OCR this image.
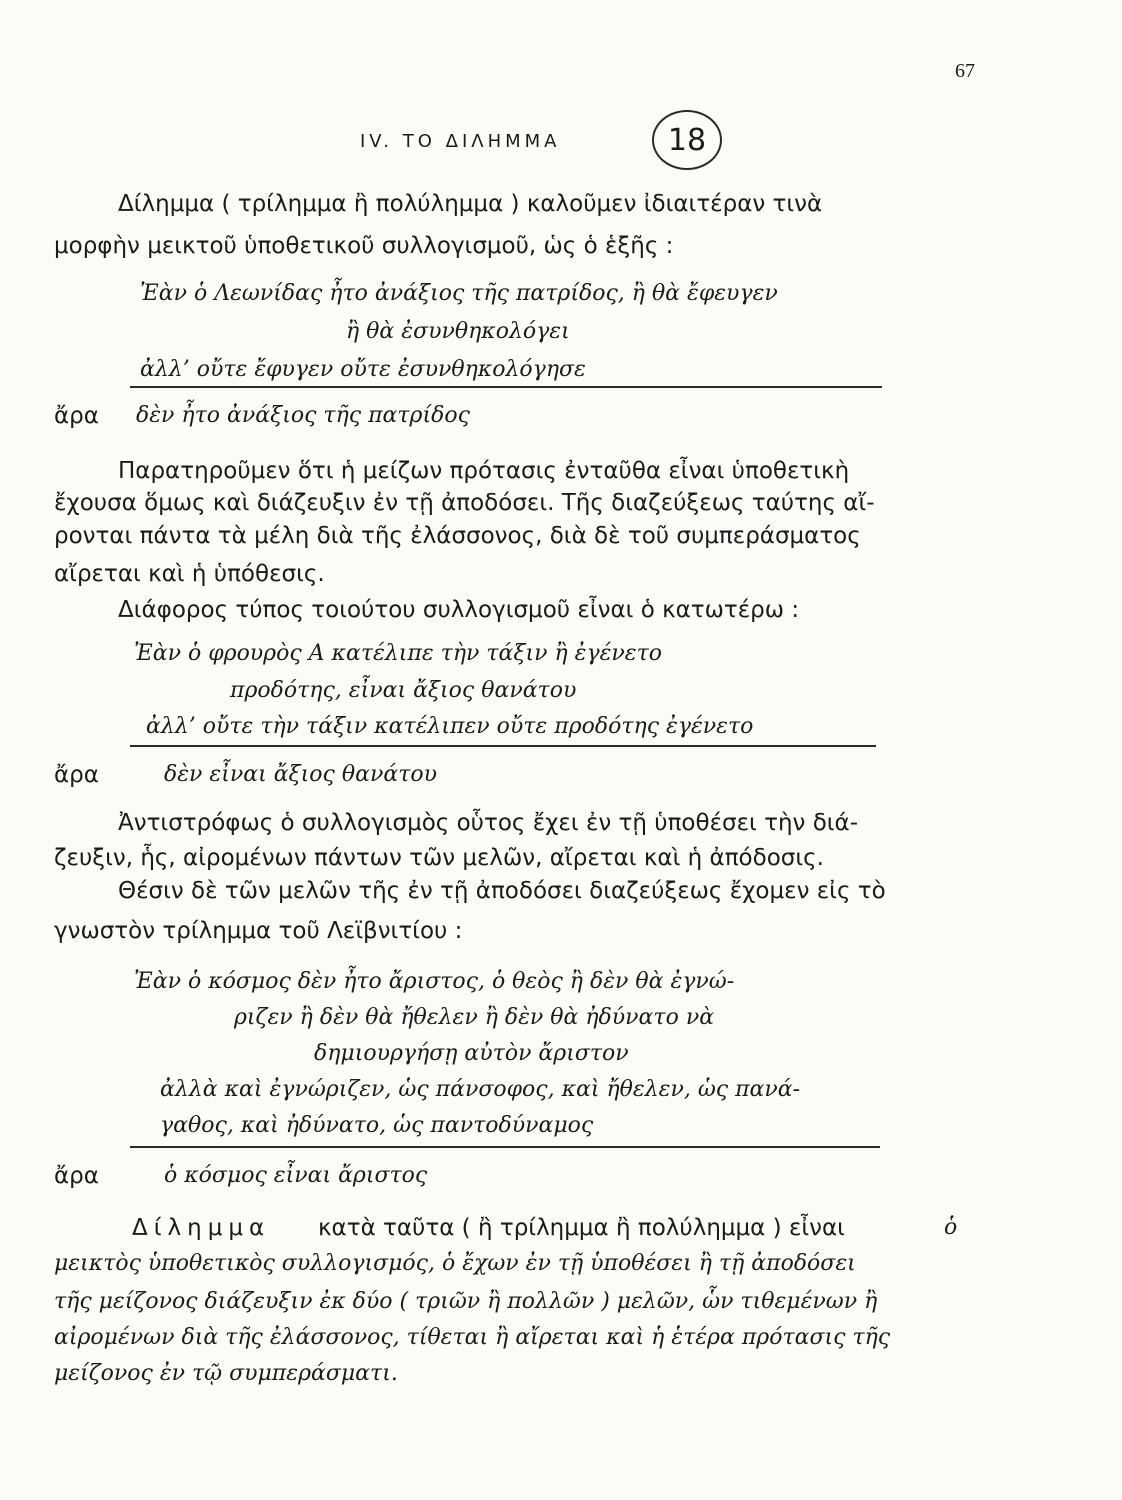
67
IV. ΤΟ ΔΙΛΗΜΜΑ	18
Δίλημμα ( τρίλημμα ἢ πολύλημμα ) καλοῦμεν ἰδιαιτέραν τινὰ
μορφὴν μεικτοῦ ὑποθετικοῦ συλλογισμοῦ, ὡς ὁ ἑξῆς :
Ἐὰν ὁ Λεωνίδας ἦτο ἀνάξιος τῆς πατρίδος, ἢ θὰ ἔφευγεν
ἢ θὰ ἐσυνθηκολόγει
ἀλλ’ οὔτε ἔφυγεν οὔτε ἐσυνθηκολόγησε
ἄρα δὲν ἦτο ἀνάξιος τῆς πατρίδος
Παρατηροῦμεν ὅτι ἡ μείζων πρότασις ἐνταῦθα εἶναι ὑποθετικὴ
ἔχουσα ὅμως καὶ διάζευξιν ἐν τῇ ἀποδόσει. Τῆς διαζεύξεως ταύτης αἴ-
ρονται πάντα τὰ μέλη διὰ τῆς ἐλάσσονος, διὰ δὲ τοῦ συμπεράσματος
αἴρεται καὶ ἡ ὑπόθεσις.
Διάφορος τύπος τοιούτου συλλογισμοῦ εἶναι ὁ κατωτέρω :
Ἐὰν ὁ φρουρὸς Α κατέλιπε τὴν τάξιν ἢ ἐγένετο
προδότης, εἶναι ἄξιος θανάτου
ἀλλ’ οὔτε τὴν τάξιν κατέλιπεν οὔτε προδότης ἐγένετο
ἄρα	δὲν εἶναι ἄξιος θανάτου
Ἀντιστρόφως ὁ συλλογισμὸς οὗτος ἔχει ἐν τῇ ὑποθέσει τὴν διά-
ζευξιν, ἧς, αἰρομένων πάντων τῶν μελῶν, αἴρεται καὶ ἡ ἀπόδοσις.
Θέσιν δὲ τῶν μελῶν τῆς ἐν τῇ ἀποδόσει διαζεύξεως ἔχομεν εἰς τὸ
γνωστὸν τρίλημμα τοῦ Λεϊβνιτίου :
Ἐὰν ὁ κόσμος δὲν ἦτο ἄριστος, ὁ θεὸς ἢ δὲν θὰ ἐγνώ-
ριζεν ἢ δὲν θὰ ἤθελεν ἢ δὲν θὰ ἠδύνατο νὰ
δημιουργήσῃ αὐτὸν ἄριστον
ἀλλὰ καὶ ἐγνώριζεν, ὡς πάνσοφος, καὶ ἤθελεν, ὡς πανά-
γαθος, καὶ ἠδύνατο, ὡς παντοδύναμος
ἄρα	ὁ κόσμος εἶναι ἄριστος
Δίλημμα κατὰ ταῦτα ( ἢ τρίλημμα ἢ πολύλημμα ) εἶναι	ὁ
μεικτὸς ὑποθετικὸς συλλογισμός, ὁ ἔχων ἐν τῇ ὑποθέσει ἢ τῇ ἀποδόσει
τῆς μείζονος διάζευξιν ἐκ δύο ( τριῶν ἢ πολλῶν ) μελῶν, ὧν τιθεμένων ἢ
αἰρομένων διὰ τῆς ἐλάσσονος, τίθεται ἢ αἴρεται καὶ ἡ ἑτέρα πρότασις τῆς
μείζονος ἐν τῷ συμπεράσματι.
